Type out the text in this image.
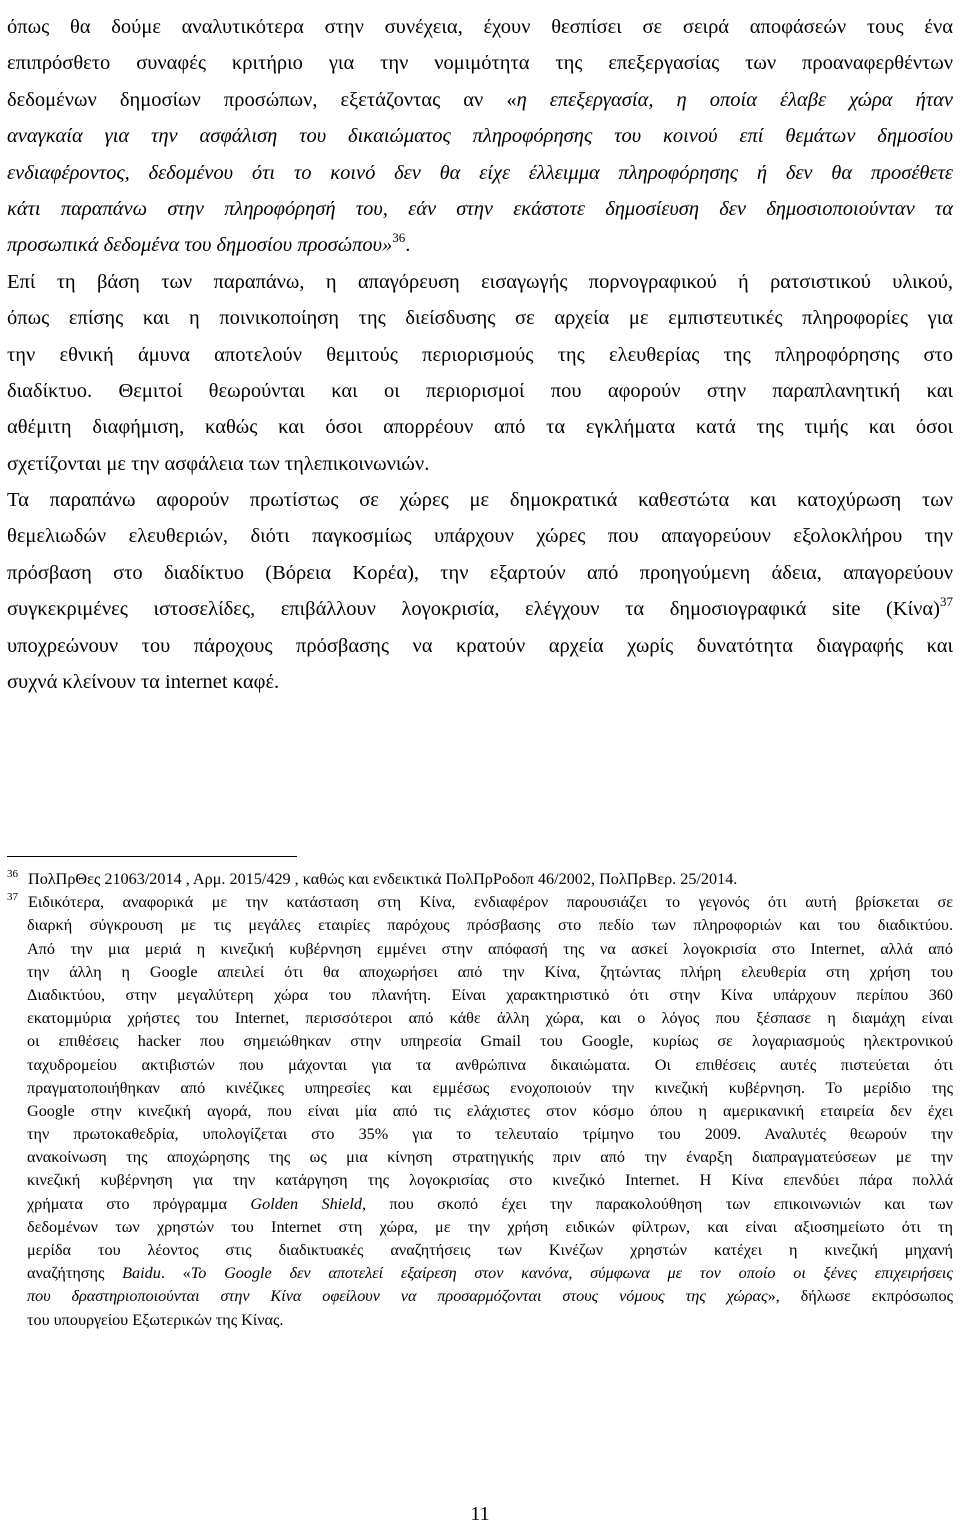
όπως θα δούμε αναλυτικότερα στην συνέχεια, έχουν θεσπίσει σε σειρά αποφάσεών τους ένα
επιπρόσθετο συναφές κριτήριο για την νομιμότητα της επεξεργασίας των προαναφερθέντων
δεδομένων δημοσίων προσώπων, εξετάζοντας αν «η επεξεργασία, η οποία έλαβε χώρα ήταν
αναγκαία για την ασφάλιση του δικαιώματος πληροφόρησης του κοινού επί θεμάτων δημοσίου
ενδιαφέροντος, δεδομένου ότι το κοινό δεν θα είχε έλλειμμα πληροφόρησης ή δεν θα προσέθετε
κάτι παραπάνω στην πληροφόρησή του, εάν στην εκάστοτε δημοσίευση δεν δημοσιοποιούνταν τα
προσωπικά δεδομένα του δημοσίου προσώπου»$^{36}$.

Επί τη βάση των παραπάνω, η απαγόρευση εισαγωγής πορνογραφικού ή ρατσιστικού υλικού,
όπως επίσης και η ποινικοποίηση της διείσδυσης σε αρχεία με εμπιστευτικές πληροφορίες για
την εθνική άμυνα αποτελούν θεμιτούς περιορισμούς της ελευθερίας της πληροφόρησης στο
διαδίκτυο. Θεμιτοί θεωρούνται και οι περιορισμοί που αφορούν στην παραπλανητική και
αθέμιτη διαφήμιση, καθώς και όσοι απορρέουν από τα εγκλήματα κατά της τιμής και όσοι
σχετίζονται με την ασφάλεια των τηλεπικοινωνιών.

Τα παραπάνω αφορούν πρωτίστως σε χώρες με δημοκρατικά καθεστώτα και κατοχύρωση των
θεμελιωδών ελευθεριών, διότι παγκοσμίως υπάρχουν χώρες που απαγορεύουν εξολοκλήρου την
πρόσβαση στο διαδίκτυο (Βόρεια Κορέα), την εξαρτούν από προηγούμενη άδεια, απαγορεύουν
συγκεκριμένες ιστοσελίδες, επιβάλλουν λογοκρισία, ελέγχουν τα δημοσιογραφικά site $(Kί\nu\alpha)^{37}$
υποχρεώνουν του πάροχους πρόσβασης να κρατούν αρχεία χωρίς δυνατότητα διαγραφής και
συχνά κλείνουν τα internet καφέ.

$^{36}$ ΠολΠρΘες 21063/2014 , Αρμ. 2015/429 , καθώς και ενδεικτικά ΠολΠρΡοδοπ 46/2002, ΠολΠρΒερ. 25/2014.
$^{37}$ Ειδικότερα, αναφορικά με την κατάσταση στη Κίνα, ενδιαφέρον παρουσιάζει το γεγονός ότι αυτή βρίσκεται σε
διαρκή σύγκρουση με τις μεγάλες εταιρίες παρόχους πρόσβασης στο πεδίο των πληροφοριών και του διαδικτύου.
Από την μια μεριά η κινεζική κυβέρνηση εμμένει στην απόφασή της να ασκεί λογοκρισία στο Internet, αλλά από
την άλλη η Google απειλεί ότι θα αποχωρήσει από την Κίνα, ζητώντας πλήρη ελευθερία στη χρήση του
Διαδικτύου, στην μεγαλύτερη χώρα του πλανήτη. Είναι χαρακτηριστικό ότι στην Κίνα υπάρχουν περίπου 360
εκατομμύρια χρήστες του Internet, περισσότεροι από κάθε άλλη χώρα, και ο λόγος που ξέσπασε η διαμάχη είναι
οι επιθέσεις hacker που σημειώθηκαν στην υπηρεσία Gmail του Google, κυρίως σε λογαριασμούς ηλεκτρονικού
ταχυδρομείου ακτιβιστών που μάχονται για τα ανθρώπινα δικαιώματα. Οι επιθέσεις αυτές πιστεύεται ότι
πραγματοποιήθηκαν από κινέζικες υπηρεσίες και εμμέσως ενοχοποιούν την κινεζική κυβέρνηση. Το μερίδιο της
Google στην κινεζική αγορά, που είναι μία από τις ελάχιστες στον κόσμο όπου η αμερικανική εταιρεία δεν έχει
την πρωτοκαθεδρία, υπολογίζεται στο 35% για το τελευταίο τρίμηνο του 2009. Αναλυτές θεωρούν την
ανακοίνωση της αποχώρησης της ως μια κίνηση στρατηγικής πριν από την έναρξη διαπραγματεύσεων με την
κινεζική κυβέρνηση για την κατάργηση της λογοκρισίας στο κινεζικό Internet. Η Κίνα επενδύει πάρα πολλά
χρήματα στο πρόγραμμα Golden Shield, που σκοπό έχει την παρακολούθηση των επικοινωνιών και των
δεδομένων των χρηστών του Internet στη χώρα, με την χρήση ειδικών φίλτρων, και είναι αξιοσημείωτο ότι τη
μερίδα του λέοντος στις διαδικτυακές αναζητήσεις των Κινέζων χρηστών κατέχει η κινεζική μηχανή
αναζήτησης Baidu. «Το Google δεν αποτελεί εξαίρεση στον κανόνα, σύμφωνα με τον οποίο οι ξένες επιχειρήσεις
που δραστηριοποιούνται στην Κίνα οφείλουν να προσαρμόζονται στους νόμους της χώρας», δήλωσε εκπρόσωπος
του υπουργείου Εξωτερικών της Κίνας.
11
